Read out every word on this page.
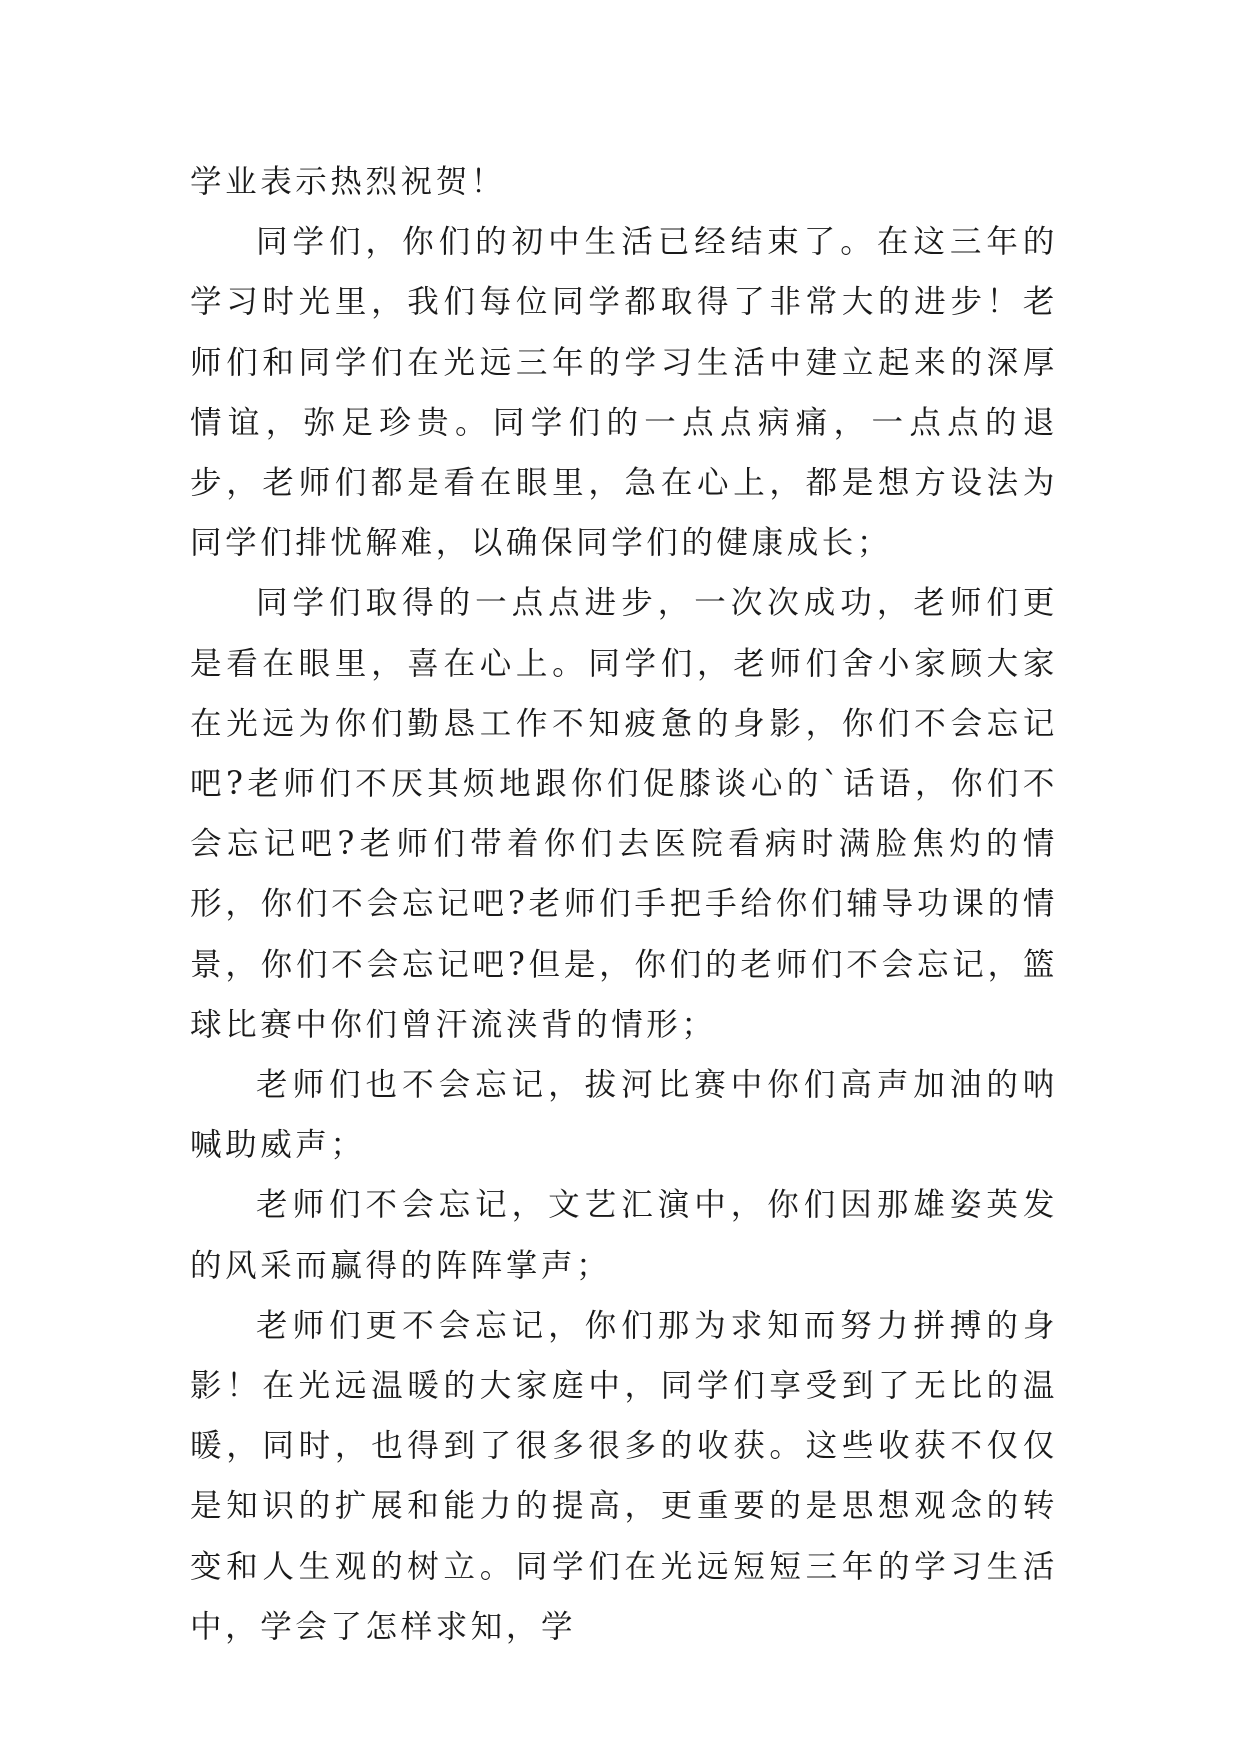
学业表示热烈祝贺！

同学们，你们的初中生活已经结束了。在这三年的学习时光里，我们每位同学都取得了非常大的进步！老师们和同学们在光远三年的学习生活中建立起来的深厚情谊，弥足珍贵。同学们的一点点病痛，一点点的退步，老师们都是看在眼里，急在心上，都是想方设法为同学们排忧解难，以确保同学们的健康成长；

同学们取得的一点点进步，一次次成功，老师们更是看在眼里，喜在心上。同学们，老师们舍小家顾大家在光远为你们勤恳工作不知疲惫的身影，你们不会忘记吧?老师们不厌其烦地跟你们促膝谈心的`话语，你们不会忘记吧?老师们带着你们去医院看病时满脸焦灼的情形，你们不会忘记吧?老师们手把手给你们辅导功课的情景，你们不会忘记吧?但是，你们的老师们不会忘记，篮球比赛中你们曾汗流浃背的情形；

老师们也不会忘记，拔河比赛中你们高声加油的呐喊助威声；

老师们不会忘记，文艺汇演中，你们因那雄姿英发的风采而赢得的阵阵掌声；

老师们更不会忘记，你们那为求知而努力拼搏的身影！在光远温暖的大家庭中，同学们享受到了无比的温暖，同时，也得到了很多很多的收获。这些收获不仅仅是知识的扩展和能力的提高，更重要的是思想观念的转变和人生观的树立。同学们在光远短短三年的学习生活中，学会了怎样求知，学
